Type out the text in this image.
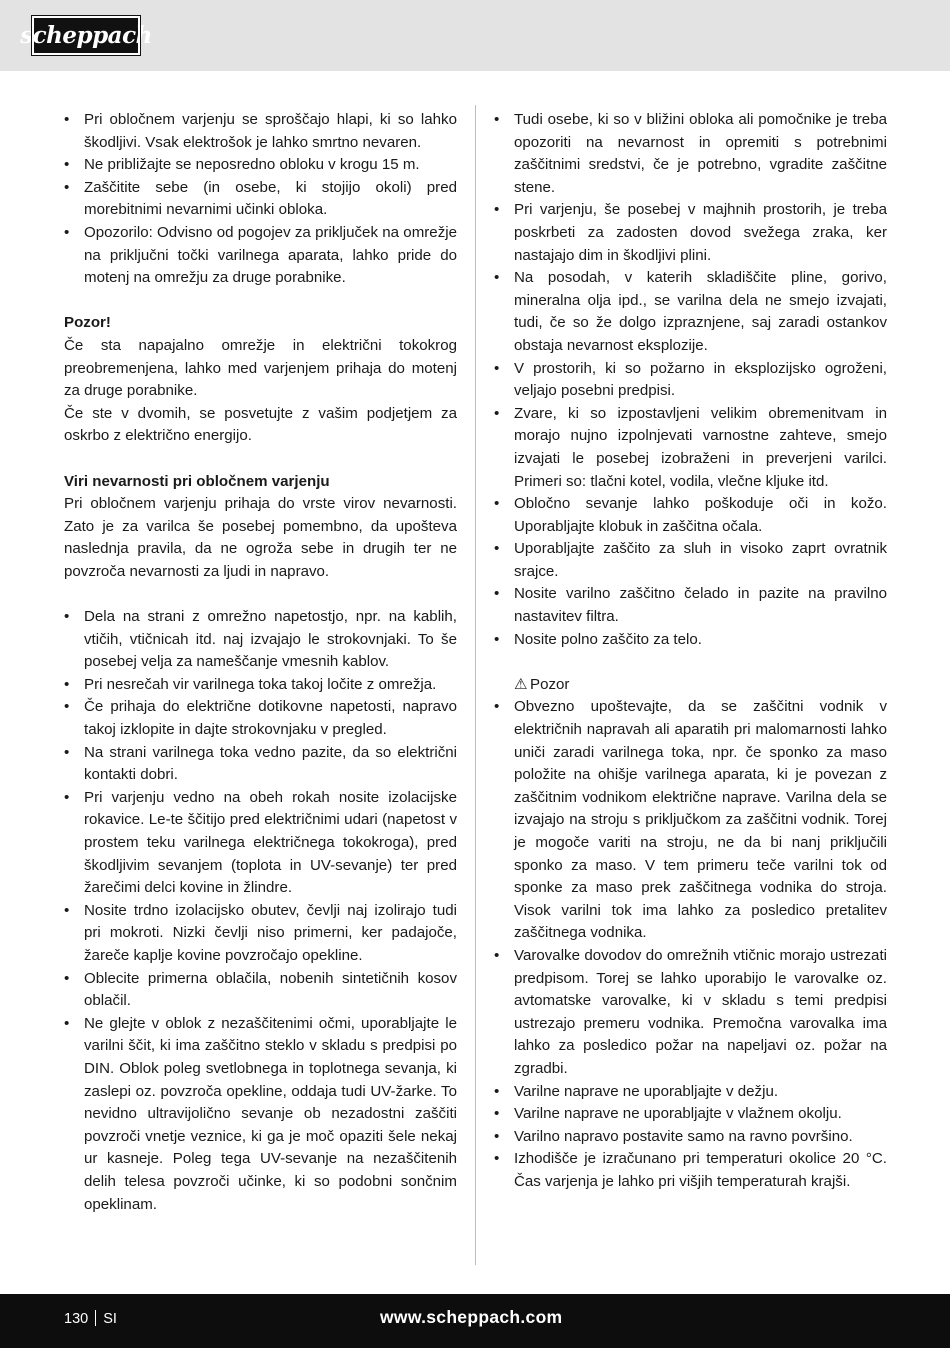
scheppach
• Pri obločnem varjenju se sproščajo hlapi, ki so lahko škodljivi. Vsak elektrošok je lahko smrtno nevaren.
• Ne približajte se neposredno obloku v krogu 15 m.
• Zaščitite sebe (in osebe, ki stojijo okoli) pred morebitnimi nevarnimi učinki obloka.
• Opozorilo: Odvisno od pogojev za priključek na omrežje na priključni točki varilnega aparata, lahko pride do motenj na omrežju za druge porabnike.

Pozor!

Če sta napajalno omrežje in električni tokokrog preobremenjena, lahko med varjenjem prihaja do motenj za druge porabnike.

Če ste v dvomih, se posvetujte z vašim podjetjem za oskrbo z električno energijo.

Viri nevarnosti pri obločnem varjenju

Pri obločnem varjenju prihaja do vrste virov nevarnosti. Zato je za varilca še posebej pomembno, da upošteva naslednja pravila, da ne ogroža sebe in drugih ter ne povzroča nevarnosti za ljudi in napravo.

• Dela na strani z omrežno napetostjo, npr. na kablih, vtičih, vtičnicah itd. naj izvajajo le strokovnjaki. To še posebej velja za nameščanje vmesnih kablov.
• Pri nesrečah vir varilnega toka takoj ločite z omrežja.
• Če prihaja do električne dotikovne napetosti, napravo takoj izklopite in dajte strokovnjaku v pregled.
• Na strani varilnega toka vedno pazite, da so električni kontakti dobri.
• Pri varjenju vedno na obeh rokah nosite izolacijske rokavice. Le-te ščitijo pred električnimi udari (napetost v prostem teku varilnega električnega tokokroga), pred škodljivim sevanjem (toplota in UV-sevanje) ter pred žarečimi delci kovine in žlindre.
• Nosite trdno izolacijsko obutev, čevlji naj izolirajo tudi pri mokroti. Nizki čevlji niso primerni, ker padajoče, žareče kaplje kovine povzročajo opekline.
• Oblecite primerna oblačila, nobenih sintetičnih kosov oblačil.
• Ne glejte v oblok z nezaščitenimi očmi, uporabljajte le varilni ščit, ki ima zaščitno steklo v skladu s predpisi po DIN. Oblok poleg svetlobnega in toplotnega sevanja, ki zaslepi oz. povzroča opekline, oddaja tudi UV-žarke. To nevidno ultravijolično sevanje ob nezadostni zaščiti povzroči vnetje veznice, ki ga je moč opaziti šele nekaj ur kasneje. Poleg tega UV-sevanje na nezaščitenih delih telesa povzroči učinke, ki so podobni sončnim opeklinam.
• Tudi osebe, ki so v bližini obloka ali pomočnike je treba opozoriti na nevarnost in opremiti s potrebnimi zaščitnimi sredstvi, če je potrebno, vgradite zaščitne stene.
• Pri varjenju, še posebej v majhnih prostorih, je treba poskrbeti za zadosten dovod svežega zraka, ker nastajajo dim in škodljivi plini.
• Na posodah, v katerih skladiščite pline, gorivo, mineralna olja ipd., se varilna dela ne smejo izvajati, tudi, če so že dolgo izpraznjene, saj zaradi ostankov obstaja nevarnost eksplozije.
• V prostorih, ki so požarno in eksplozijsko ogroženi, veljajo posebni predpisi.
• Zvare, ki so izpostavljeni velikim obremenitvam in morajo nujno izpolnjevati varnostne zahteve, smejo izvajati le posebej izobraženi in preverjeni varilci. Primeri so: tlačni kotel, vodila, vlečne kljuke itd.
• Obločno sevanje lahko poškoduje oči in kožo. Uporabljajte klobuk in zaščitna očala.
• Uporabljajte zaščito za sluh in visoko zaprt ovratnik srajce.
• Nosite varilno zaščitno čelado in pazite na pravilno nastavitev filtra.
• Nosite polno zaščito za telo.
⚠ Pozor
• Obvezno upoštevajte, da se zaščitni vodnik v električnih napravah ali aparatih pri malomarnosti lahko uniči zaradi varilnega toka, npr. če sponko za maso položite na ohišje varilnega aparata, ki je povezan z zaščitnim vodnikom električne naprave. Varilna dela se izvajajo na stroju s priključkom za zaščitni vodnik. Torej je mogoče variti na stroju, ne da bi nanj priključili sponko za maso. V tem primeru teče varilni tok od sponke za maso prek zaščitnega vodnika do stroja. Visok varilni tok ima lahko za posledico pretalitev zaščitnega vodnika.
• Varovalke dovodov do omrežnih vtičnic morajo ustrezati predpisom. Torej se lahko uporabijo le varovalke oz. avtomatske varovalke, ki v skladu s temi predpisi ustrezajo premeru vodnika. Premočna varovalka ima lahko za posledico požar na napeljavi oz. požar na zgradbi.
• Varilne naprave ne uporabljajte v dežju.
• Varilne naprave ne uporabljajte v vlažnem okolju.
• Varilno napravo postavite samo na ravno površino.
• Izhodišče je izračunano pri temperaturi okolice 20 °C. Čas varjenja je lahko pri višjih temperaturah krajši.
130 SI	www.scheppach.com
